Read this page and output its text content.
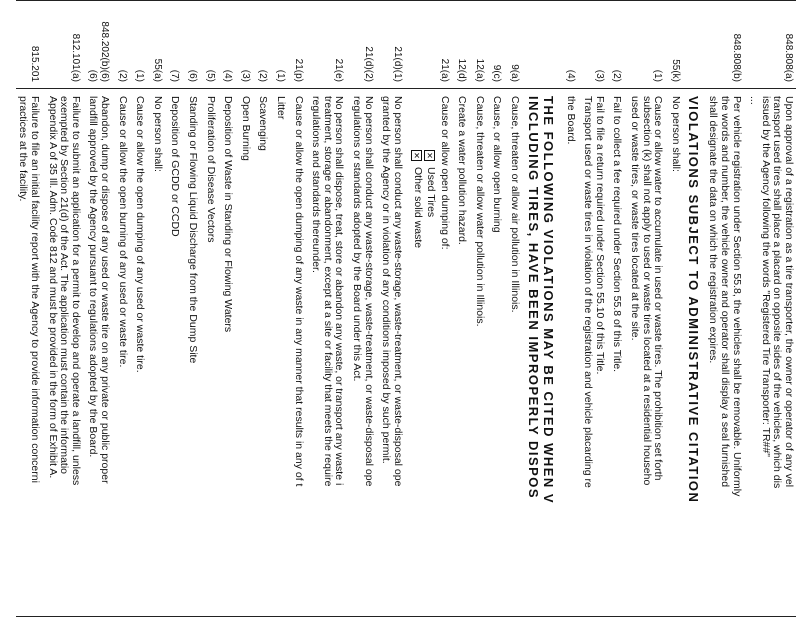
848.808(a)
Upon approval of a registration as a tire transporter, the owner or operator of any vel
transport used tires shall place a placard on opposite sides of the vehicles, which dis
issued by the Agency following the words "Registered Tire Transporter: TR##"
...
848.808(b)
Per vehicle registration under Section 55.8, the vehicles shall be removable. Uniformly
the words and number, the vehicle owner and operator shall display a seal furnished
shall designate the data on which the registration expires.
VIOLATIONS SUBJECT TO ADMINISTRATIVE CITATION
55(k)
No person shall:
(1)
Cause or allow water to accumulate in used or waste tires. The prohibition set forth
subsection (k) shall not apply to used or waste tires located at a residential househo
used or waste tires, or waste tires located at the site.
(2)
Fail to collect a fee required under Section 55.8 of this Title.
(3)
Fail to file a return required under Section 55.10 of this Title.
Transport used or waste tires in violation of the registration and vehicle placarding re
(4)
the Board.
THE FOLLOWING VIOLATIONS MAY BE CITED WHEN V
INCLUDING TIRES, HAVE BEEN IMPROPERLY DISPOS
9(a)
Cause, threaten or allow air pollution in Illinois.
9(c)
Cause, or allow open burning
12(a)
Cause, threaten or allow water pollution in Illinois.
12(d)
Create a water pollution hazard.
21(a)
Cause or allow open dumping of:
✕Used Tires
✕Other solid waste
21(d)(1)
No person shall conduct any waste-storage, waste-treatment, or waste-disposal ope
granted by the Agency or in violation of any conditions imposed by such permit.
21(d)(2)
No person shall conduct any waste-storage, waste-treatment, or waste-disposal ope
regulations or standards adopted by the Board under this Act.
21(e)
No person shall dispose, treat, store or abandon any waste, or transport any waste i
treatment, storage or abandonment, except at a site or facility that meets the require
regulations and standards thereunder.
21(p)
Cause or allow the open dumping of any waste in any manner that results in any of t
(1)
Litter
(2)
Scavenging
(3)
Open Burning
(4)
Deposition of Waste in Standing or Flowing Waters
(5)
Proliferation of Disease Vectors
(6)
Standing or Flowing Liquid Discharge from the Dump Site
(7)
Deposition of GCDD or CCDD
55(a)
No person shall:
(1)
Cause or allow the open dumping of any used or waste tire.
(2)
Cause or allow the open burning of any used or waste tire.
848.202(b)(6)
(6)
Abandon, dump or dispose of any used or waste tire on any private or public proper
landfill approved by the Agency pursuant to regulations adopted by the Board.
812.101(a)
Failure to submit an application for a permit to develop and operate a landfill, unless
exempted by Section 21(d) of the Act. The application must contain the informatio
Appendix A of 35 Ill. Adm. Code 812 and must be provided in the form of Exhibit A.
815.201
Failure to file an initial facility report with the Agency to provide information concerni
practices at the facility.
